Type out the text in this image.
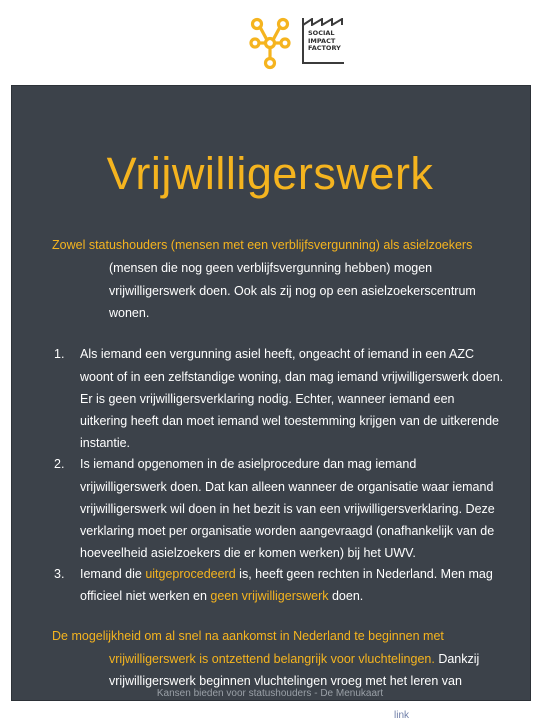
SOCIAL
IMPACT
FACTORY
Vrijwilligerswerk
Zowel statushouders (mensen met een verblijfsvergunning) als asielzoekers
(mensen die nog geen verblijfsvergunning hebben) mogen
vrijwilligerswerk doen. Ook als zij nog op een asielzoekerscentrum
wonen.
1. Als iemand een vergunning asiel heeft, ongeacht of iemand in een AZC
woont of in een zelfstandige woning, dan mag iemand vrijwilligerswerk doen.
Er is geen vrijwilligersverklaring nodig. Echter, wanneer iemand een
uitkering heeft dan moet iemand wel toestemming krijgen van de uitkerende
instantie.
2. Is iemand opgenomen in de asielprocedure dan mag iemand
vrijwilligerswerk doen. Dat kan alleen wanneer de organisatie waar iemand
vrijwilligerswerk wil doen in het bezit is van een vrijwilligersverklaring. Deze
verklaring moet per organisatie worden aangevraagd (onafhankelijk van de
hoeveelheid asielzoekers die er komen werken) bij het UWV.
3. Iemand die uitgeprocedeerd is, heeft geen rechten in Nederland. Men mag
officieel niet werken en geen vrijwilligerswerk doen.
De mogelijkheid om al snel na aankomst in Nederland te beginnen met
vrijwilligerswerk is ontzettend belangrijk voor vluchtelingen. Dankzij
vrijwilligerswerk beginnen vluchtelingen vroeg met het leren van
Kansen bieden voor statushouders - De Menukaart
link
